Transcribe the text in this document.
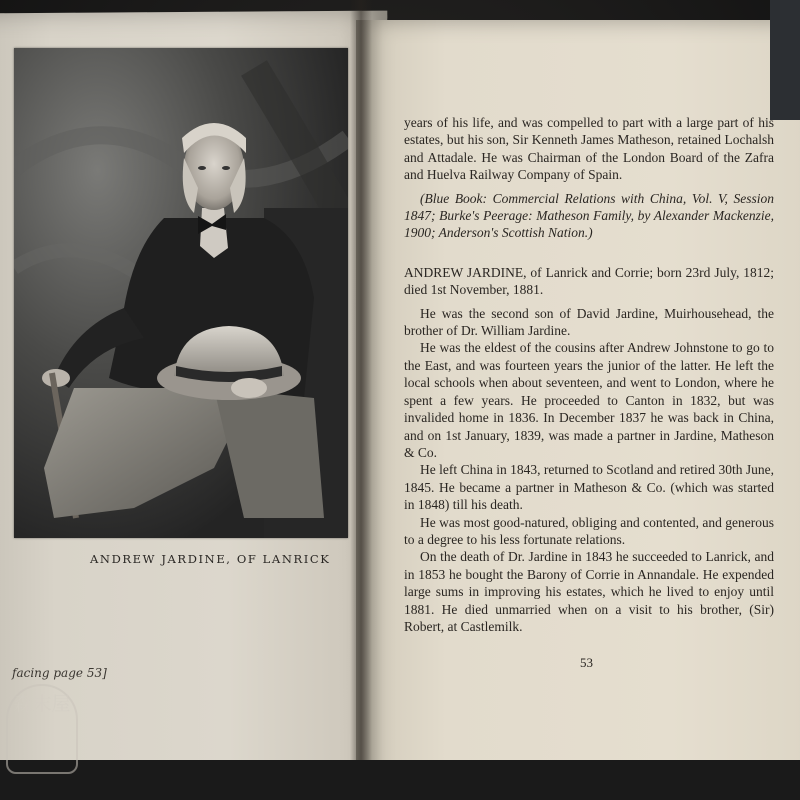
ANDREW JARDINE, OF LANRICK
facing page 53]

years of his life, and was compelled to part with a large part of his estates, but his son, Sir Kenneth James Matheson, retained Lochalsh and Attadale. He was Chairman of the London Board of the Zafra and Huelva Railway Company of Spain.

(Blue Book: Commercial Relations with China, Vol. V, Session 1847; Burke's Peerage: Matheson Family, by Alexander Mackenzie, 1900; Anderson's Scottish Nation.)

ANDREW JARDINE, of Lanrick and Corrie; born 23rd July, 1812; died 1st November, 1881.

He was the second son of David Jardine, Muirhousehead, the brother of Dr. William Jardine.

He was the eldest of the cousins after Andrew Johnstone to go to the East, and was fourteen years the junior of the latter. He left the local schools when about seventeen, and went to London, where he spent a few years. He proceeded to Canton in 1832, but was invalided home in 1836. In December 1837 he was back in China, and on 1st January, 1839, was made a partner in Jardine, Matheson & Co.

He left China in 1843, returned to Scotland and retired 30th June, 1845. He became a partner in Matheson & Co. (which was started in 1848) till his death.

He was most good-natured, obliging and contented, and generous to a degree to his less fortunate relations.

On the death of Dr. Jardine in 1843 he succeeded to Lanrick, and in 1853 he bought the Barony of Corrie in Annandale. He expended large sums in improving his estates, which he lived to enjoy until 1881. He died unmarried when on a visit to his brother, (Sir) Robert, at Castlemilk.

53
森末屋
